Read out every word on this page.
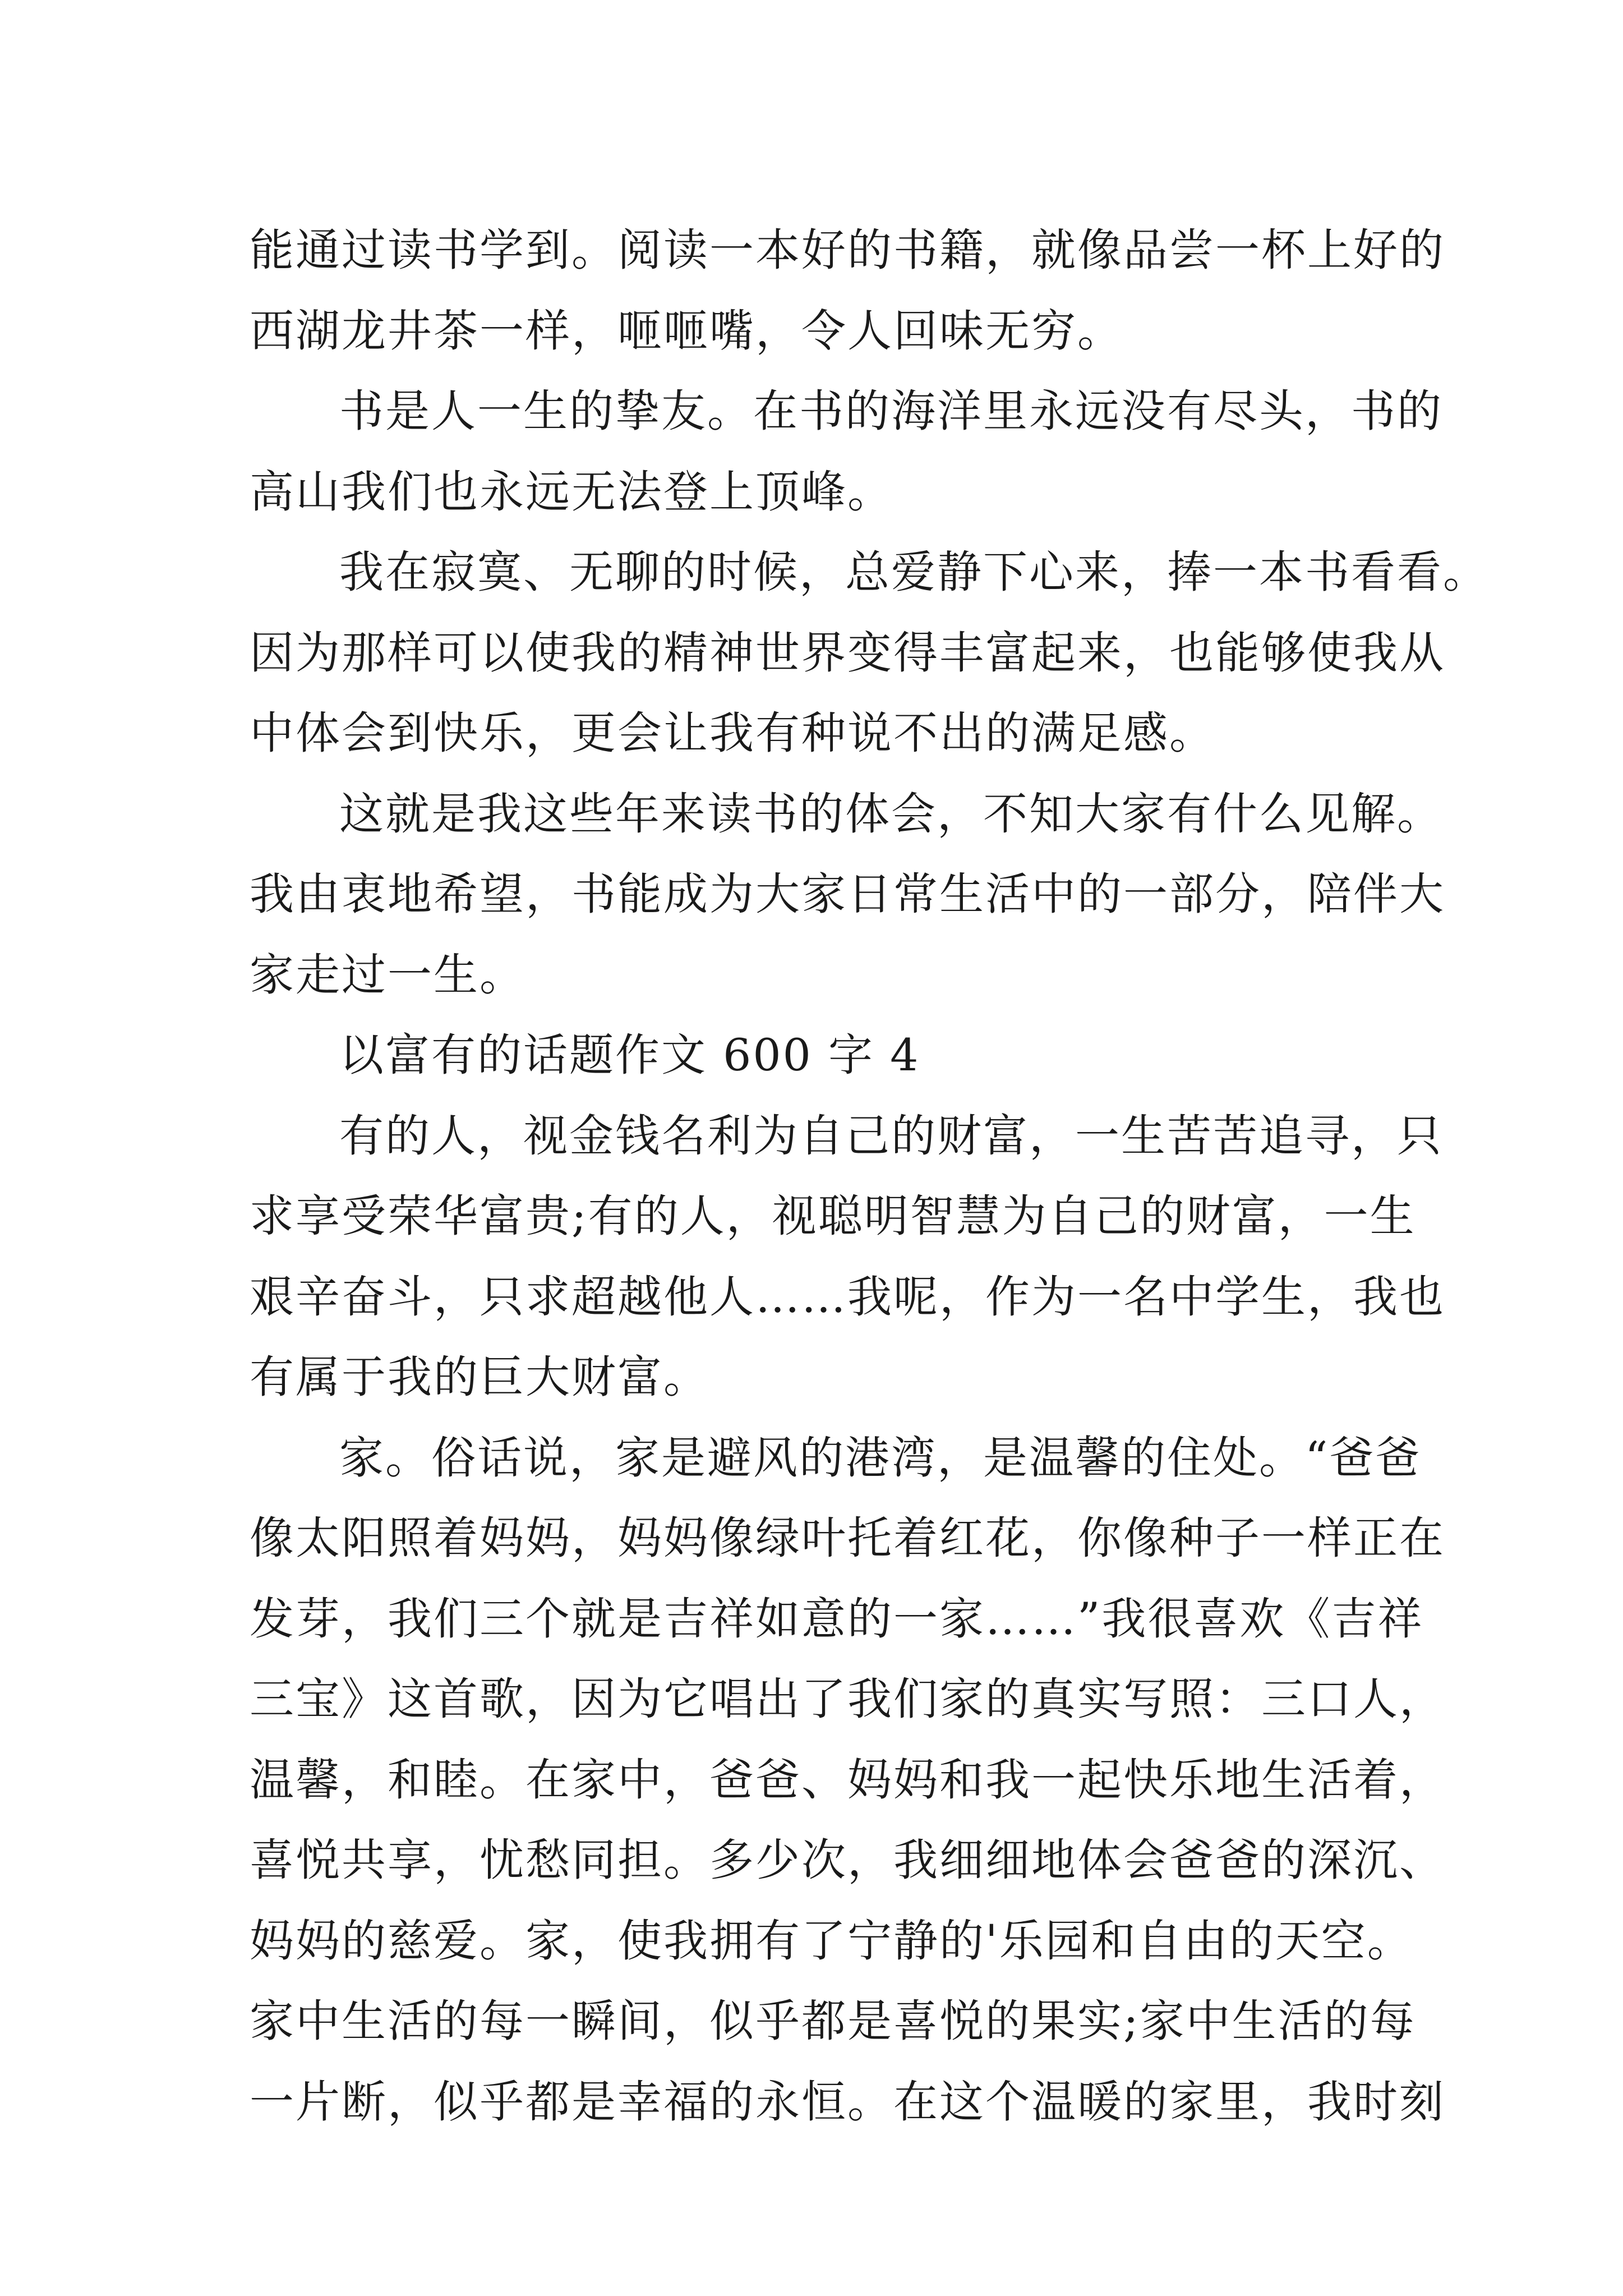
能通过读书学到。阅读一本好的书籍，就像品尝一杯上好的
西湖龙井茶一样，咂咂嘴，令人回味无穷。
书是人一生的挚友。在书的海洋里永远没有尽头，书的
高山我们也永远无法登上顶峰。
我在寂寞、无聊的时候，总爱静下心来，捧一本书看看。
因为那样可以使我的精神世界变得丰富起来，也能够使我从
中体会到快乐，更会让我有种说不出的满足感。
这就是我这些年来读书的体会，不知大家有什么见解。
我由衷地希望，书能成为大家日常生活中的一部分，陪伴大
家走过一生。
以富有的话题作文 600 字 4
有的人，视金钱名利为自己的财富，一生苦苦追寻，只
求享受荣华富贵;有的人，视聪明智慧为自己的财富，一生
艰辛奋斗，只求超越他人……我呢，作为一名中学生，我也
有属于我的巨大财富。
家。俗话说，家是避风的港湾，是温馨的住处。“爸爸
像太阳照着妈妈，妈妈像绿叶托着红花，你像种子一样正在
发芽，我们三个就是吉祥如意的一家……”我很喜欢《吉祥
三宝》这首歌，因为它唱出了我们家的真实写照：三口人，
温馨，和睦。在家中，爸爸、妈妈和我一起快乐地生活着，
喜悦共享，忧愁同担。多少次，我细细地体会爸爸的深沉、
妈妈的慈爱。家，使我拥有了宁静的'乐园和自由的天空。
家中生活的每一瞬间，似乎都是喜悦的果实;家中生活的每
一片断，似乎都是幸福的永恒。在这个温暖的家里，我时刻
